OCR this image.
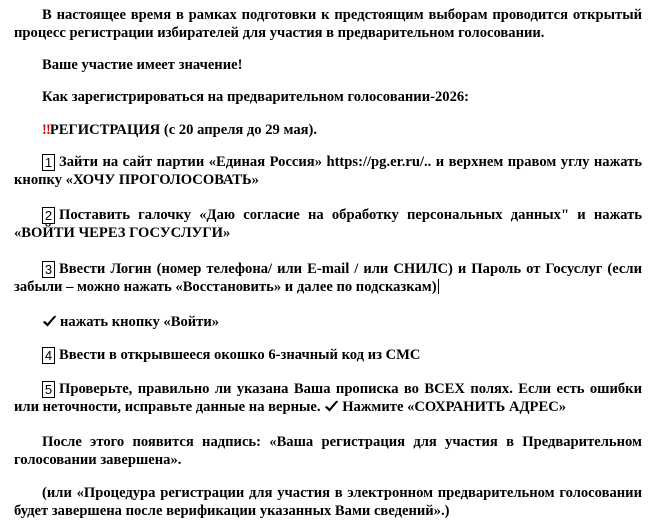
В настоящее время в рамках подготовки к предстоящим выборам проводится открытый процесс регистрации избирателей для участия в предварительном голосовании.

Ваше участие имеет значение!

Как зарегистрироваться на предварительном голосовании-2026:

‼РЕГИСТРАЦИЯ (с 20 апреля до 29 мая).

1 Зайти на сайт партии «Единая Россия» https://pg.er.ru/.. и верхнем правом углу нажать кнопку «ХОЧУ ПРОГОЛОСОВАТЬ»

2 Поставить галочку «Даю согласие на обработку персональных данных" и нажать «ВОЙТИ ЧЕРЕЗ ГОСУСЛУГИ»

3 Ввести Логин (номер телефона/ или E-mail / или СНИЛС) и Пароль от Госуслуг (если забыли – можно нажать «Восстановить» и далее по подсказкам)

нажать кнопку «Войти»

4 Ввести в открывшееся окошко 6-значный код из СМС

5 Проверьте, правильно ли указана Ваша прописка во ВСЕХ полях. Если есть ошибки или неточности, исправьте данные на верные. Нажмите «СОХРАНИТЬ АДРЕС»

После этого появится надпись: «Ваша регистрация для участия в Предварительном голосовании завершена».

(или «Процедура регистрации для участия в электронном предварительном голосовании будет завершена после верификации указанных Вами сведений».)
